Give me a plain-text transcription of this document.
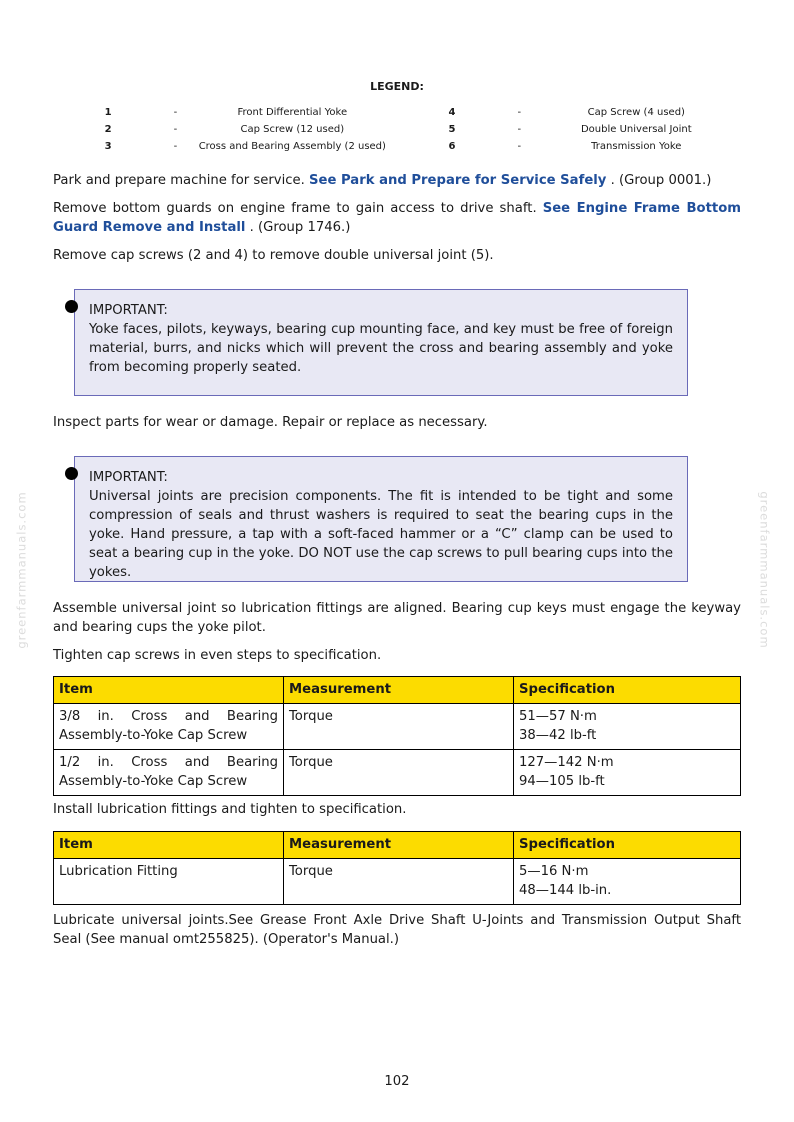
greenfarmmanuals.com	greenfarmmanuals.com
LEGEND:
1	-	Front Differential Yoke	4	-	Cap Screw (4 used)
2	-	Cap Screw (12 used)	5	-	Double Universal Joint
3	-	Cross and Bearing Assembly (2 used)	6	-	Transmission Yoke

Park and prepare machine for service. See Park and Prepare for Service Safely . (Group 0001.)

Remove bottom guards on engine frame to gain access to drive shaft. See Engine Frame Bottom Guard Remove and Install . (Group 1746.)

Remove cap screws (2 and 4) to remove double universal joint (5).

IMPORTANT:
Yoke faces, pilots, keyways, bearing cup mounting face, and key must be free of foreign material, burrs, and nicks which will prevent the cross and bearing assembly and yoke from becoming properly seated.

Inspect parts for wear or damage. Repair or replace as necessary.

IMPORTANT:
Universal joints are precision components. The fit is intended to be tight and some compression of seals and thrust washers is required to seat the bearing cups in the yoke. Hand pressure, a tap with a soft-faced hammer or a “C” clamp can be used to seat a bearing cup in the yoke. DO NOT use the cap screws to pull bearing cups into the yokes.

Assemble universal joint so lubrication fittings are aligned. Bearing cup keys must engage the keyway and bearing cups the yoke pilot.

Tighten cap screws in even steps to specification.

Item	Measurement	Specification
3/8 in. Cross and Bearing Assembly-to-Yoke Cap Screw	Torque	51—57 N·m
38—42 lb-ft

1/2 in. Cross and Bearing Assembly-to-Yoke Cap Screw	Torque	127—142 N·m
94—105 lb-ft

Install lubrication fittings and tighten to specification.

Item	Measurement	Specification
Lubrication Fitting	Torque	5—16 N·m
48—144 lb-in.

Lubricate universal joints.See Grease Front Axle Drive Shaft U-Joints and Transmission Output Shaft Seal (See manual omt255825). (Operator's Manual.)

102
